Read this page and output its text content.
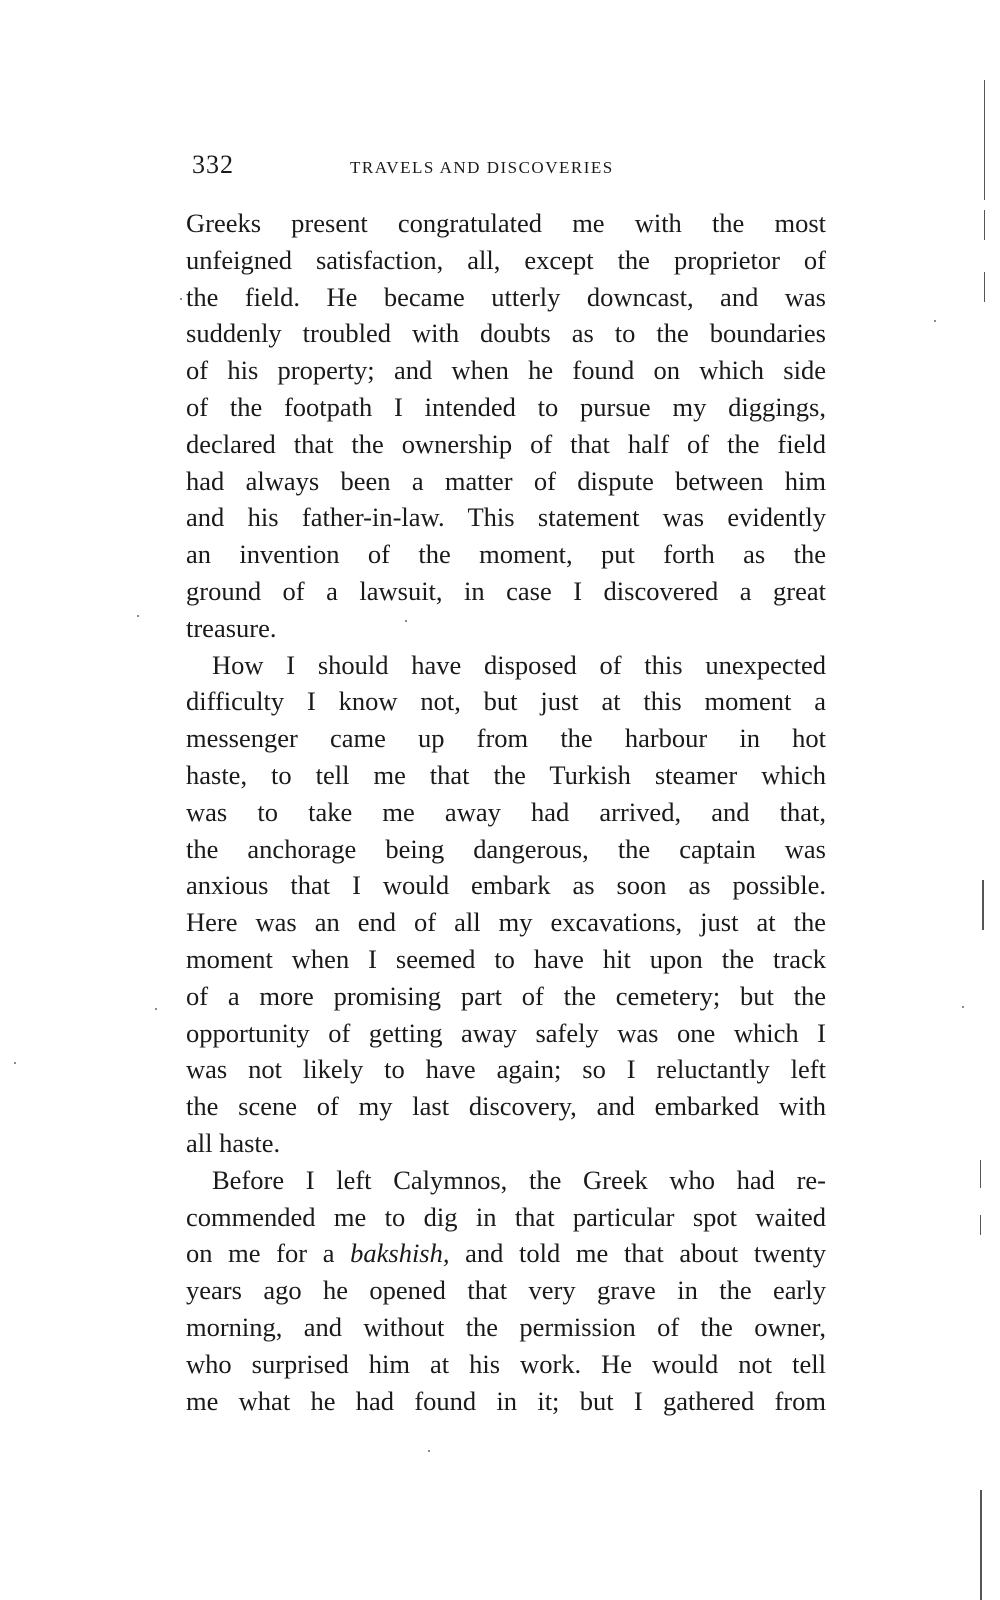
332	TRAVELS AND DISCOVERIES
Greeks present congratulated me with the most
unfeigned satisfaction, all, except the proprietor of
the field. He became utterly downcast, and was
suddenly troubled with doubts as to the boundaries
of his property; and when he found on which side
of the footpath I intended to pursue my diggings,
declared that the ownership of that half of the field
had always been a matter of dispute between him
and his father-in-law. This statement was evidently
an invention of the moment, put forth as the
ground of a lawsuit, in case I discovered a great
treasure.
How I should have disposed of this unexpected
difficulty I know not, but just at this moment a
messenger came up from the harbour in hot
haste, to tell me that the Turkish steamer which
was to take me away had arrived, and that,
the anchorage being dangerous, the captain was
anxious that I would embark as soon as possible.
Here was an end of all my excavations, just at the
moment when I seemed to have hit upon the track
of a more promising part of the cemetery; but the
opportunity of getting away safely was one which I
was not likely to have again; so I reluctantly left
the scene of my last discovery, and embarked with
all haste.
Before I left Calymnos, the Greek who had re-
commended me to dig in that particular spot waited
on me for a bakshish, and told me that about twenty
years ago he opened that very grave in the early
morning, and without the permission of the owner,
who surprised him at his work. He would not tell
me what he had found in it; but I gathered from
